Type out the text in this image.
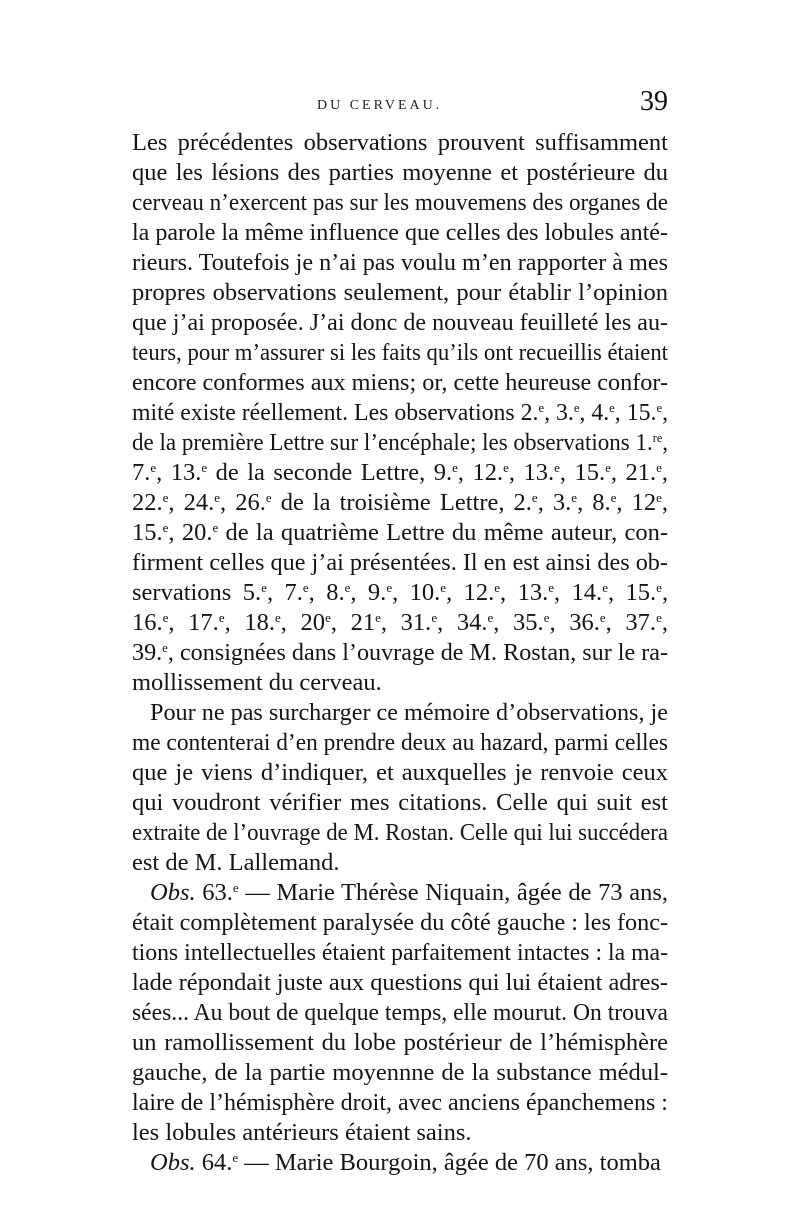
DU CERVEAU.	39
Les précédentes observations prouvent suffisamment
que les lésions des parties moyenne et postérieure du
cerveau n’exercent pas sur les mouvemens des organes de
la parole la même influence que celles des lobules anté-
rieurs. Toutefois je n’ai pas voulu m’en rapporter à mes
propres observations seulement, pour établir l’opinion
que j’ai proposée. J’ai donc de nouveau feuilleté les au-
teurs, pour m’assurer si les faits qu’ils ont recueillis étaient
encore conformes aux miens; or, cette heureuse confor-
mité existe réellement. Les observations 2.$^e$, 3.$^e$, 4.$^e$, 15.$^e$,
de la première Lettre sur l’encéphale; les observations 1.$^{re}$,
7.$^e$, 13.$^e$ de la seconde Lettre, 9.$^e$, 12.$^e$, 13.$^e$, 15.$^e$, 21.$^e$,
22.$^e$, 24.$^e$, 26.$^e$ de la troisième Lettre, 2.$^e$, 3.$^e$, 8.$^e$, 12e,
15.$^e$, 20.$^e$ de la quatrième Lettre du même auteur, con-
firment celles que j’ai présentées. Il en est ainsi des ob-
servations 5.$^e$, 7.$^e$, 8.$^e$, 9.$^e$, 10.$^e$, 12.$^e$, 13.$^e$, 14.$^e$, 15.$^e$,
16.$^e$, 17.$^e$, 18.$^e$, 20e, 21e, 31.$^e$, 34.$^e$, 35.$^e$, 36.$^e$, 37.$^e$,
39.$^e$, consignées dans l’ouvrage de M. Rostan, sur le ra-
mollissement du cerveau.
Pour ne pas surcharger ce mémoire d’observations, je
me contenterai d’en prendre deux au hazard, parmi celles
que je viens d’indiquer, et auxquelles je renvoie ceux
qui voudront vérifier mes citations. Celle qui suit est
extraite de l’ouvrage de M. Rostan. Celle qui lui succédera
est de M. Lallemand.
Obs. 63.$^e$ — Marie Thérèse Niquain, âgée de 73 ans,
était complètement paralysée du côté gauche : les fonc-
tions intellectuelles étaient parfaitement intactes : la ma-
lade répondait juste aux questions qui lui étaient adres-
sées... Au bout de quelque temps, elle mourut. On trouva
un ramollissement du lobe postérieur de l’hémisphère
gauche, de la partie moyennne de la substance médul-
laire de l’hémisphère droit, avec anciens épanchemens :
les lobules antérieurs étaient sains.
Obs. 64.$^e$ — Marie Bourgoin, âgée de 70 ans, tomba
